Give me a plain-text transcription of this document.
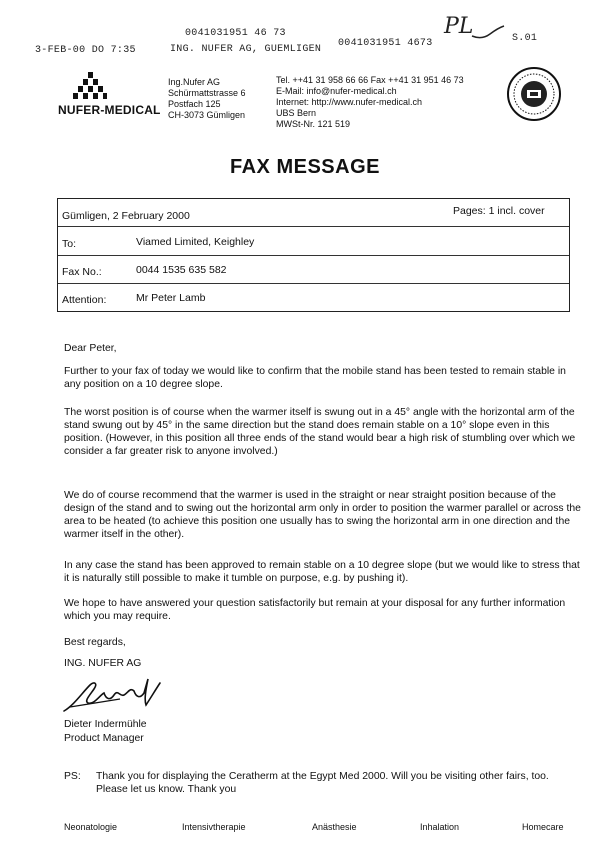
3-FEB-00 DO 7:35
0041031951 46 73
ING. NUFER AG, GUEMLIGEN
0041031951 4673
PL	S.01
NUFER-MEDICAL
Ing.Nufer AG
Schürmattstrasse 6
Postfach 125
CH-3073 Gümligen
Tel. ++41 31 958 66 66 Fax ++41 31 951 46 73
E-Mail: info@nufer-medical.ch
Internet: http://www.nufer-medical.ch
UBS Bern
MWSt-Nr. 121 519
FAX MESSAGE
Gümligen, 2 February 2000	Pages: 1 incl. cover
To:	Viamed Limited, Keighley
Fax No.:	0044 1535 635 582
Attention:	Mr Peter Lamb
Dear Peter,
Further to your fax of today we would like to confirm that the mobile stand has been tested to remain stable in any position on a 10 degree slope.
The worst position is of course when the warmer itself is swung out in a 45° angle with the horizontal arm of the stand swung out by 45° in the same direction but the stand does remain stable on a 10° slope even in this position. (However, in this position all three ends of the stand would bear a high risk of stumbling over which we consider a far greater risk to anyone involved.)
We do of course recommend that the warmer is used in the straight or near straight position because of the design of the stand and to swing out the horizontal arm only in order to position the warmer parallel or across the area to be heated (to achieve this position one usually has to swing the horizontal arm in one direction and the warmer itself in the other).
In any case the stand has been approved to remain stable on a 10 degree slope (but we would like to stress that it is naturally still possible to make it tumble on purpose, e.g. by pushing it).
We hope to have answered your question satisfactorily but remain at your disposal for any further information which you may require.
Best regards,
ING. NUFER AG
Dieter Indermühle
Product Manager
PS: Thank you for displaying the Ceratherm at the Egypt Med 2000. Will you be visiting other fairs, too. Please let us know. Thank you
Neonatologie	Intensivtherapie	Anästhesie	Inhalation	Homecare
